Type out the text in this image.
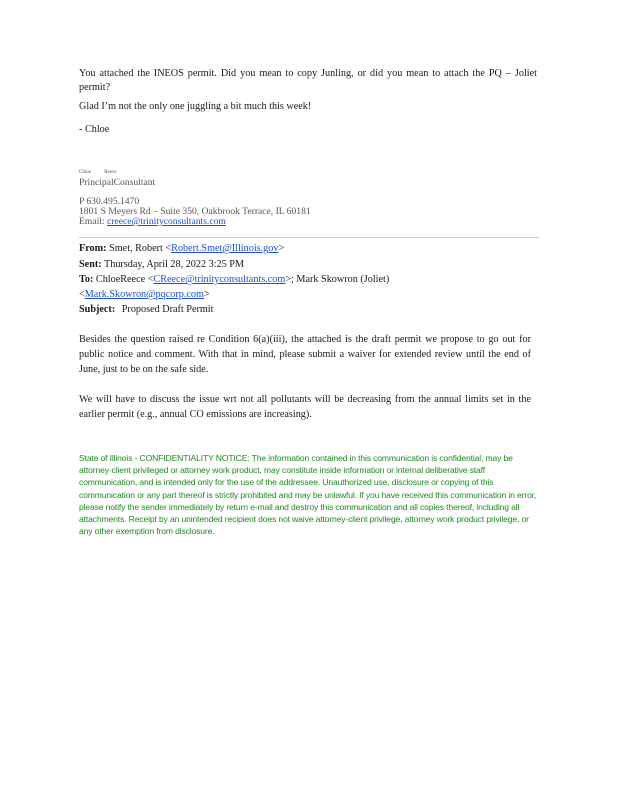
You attached the INEOS permit. Did you mean to copy Junling, or did you mean to attach the PQ – Joliet permit?
Glad I’m not the only one juggling a bit much this week!
- Chloe
Chloe	Reece
PrincipalConsultant
P 630.495.1470
1801 S Meyers Rd – Suite 350, Oakbrook Terrace, IL 60181
Email: creece@trinityconsultants.com
From: Smet, Robert <Robert.Smet@Illinois.gov>
Sent: Thursday, April 28, 2022 3:25 PM
To: ChloeReece <CReece@trinityconsultants.com>; Mark Skowron (Joliet)
<Mark.Skowron@pqcorp.com>
Subject: Proposed Draft Permit
Besides the question raised re Condition 6(a)(iii), the attached is the draft permit we propose to go out for public notice and comment. With that in mind, please submit a waiver for extended review until the end of June, just to be on the safe side.
We will have to discuss the issue wrt not all pollutants will be decreasing from the annual limits set in the earlier permit (e.g., annual CO emissions are increasing).
State of Illinois - CONFIDENTIALITY NOTICE: The information contained in this communication is confidential, may be attorney-client privileged or attorney work product, may constitute inside information or internal deliberative staff communication, and is intended only for the use of the addressee. Unauthorized use, disclosure or copying of this communication or any part thereof is strictly prohibited and may be unlawful. If you have received this communication in error, please notify the sender immediately by return e-mail and destroy this communication and all copies thereof, including all attachments. Receipt by an unintended recipient does not waive attorney-client privilege, attorney work product privilege, or any other exemption from disclosure.
